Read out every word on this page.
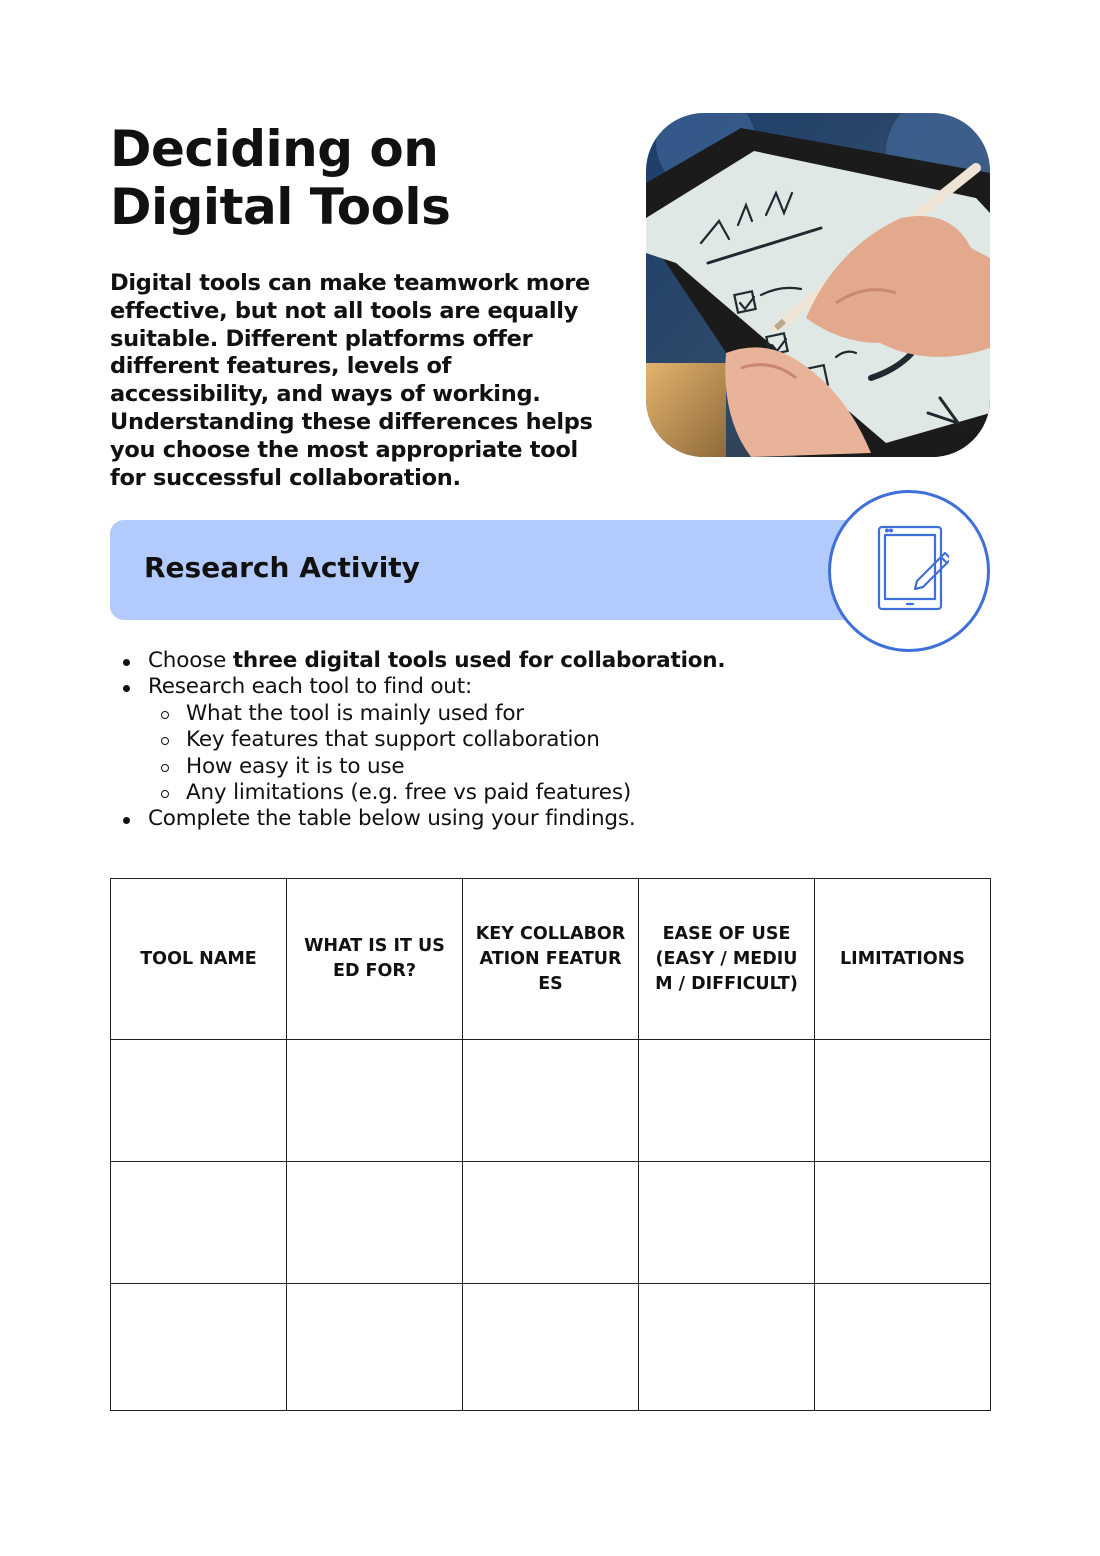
Deciding on
Digital Tools

Digital tools can make teamwork more effective, but not all tools are equally suitable. Different platforms offer different features, levels of accessibility, and ways of working. Understanding these differences helps you choose the most appropriate tool for successful collaboration.

Research Activity
Choose three digital tools used for collaboration.
Research each tool to find out:
What the tool is mainly used for
Key features that support collaboration
How easy it is to use
Any limitations (e.g. free vs paid features)
Complete the table below using your findings.
TOOL NAME	WHAT IS IT USED FOR?	KEY COLLABORATION FEATURES	EASE OF USE (EASY / MEDIUM / DIFFICULT)	LIMITATIONS
